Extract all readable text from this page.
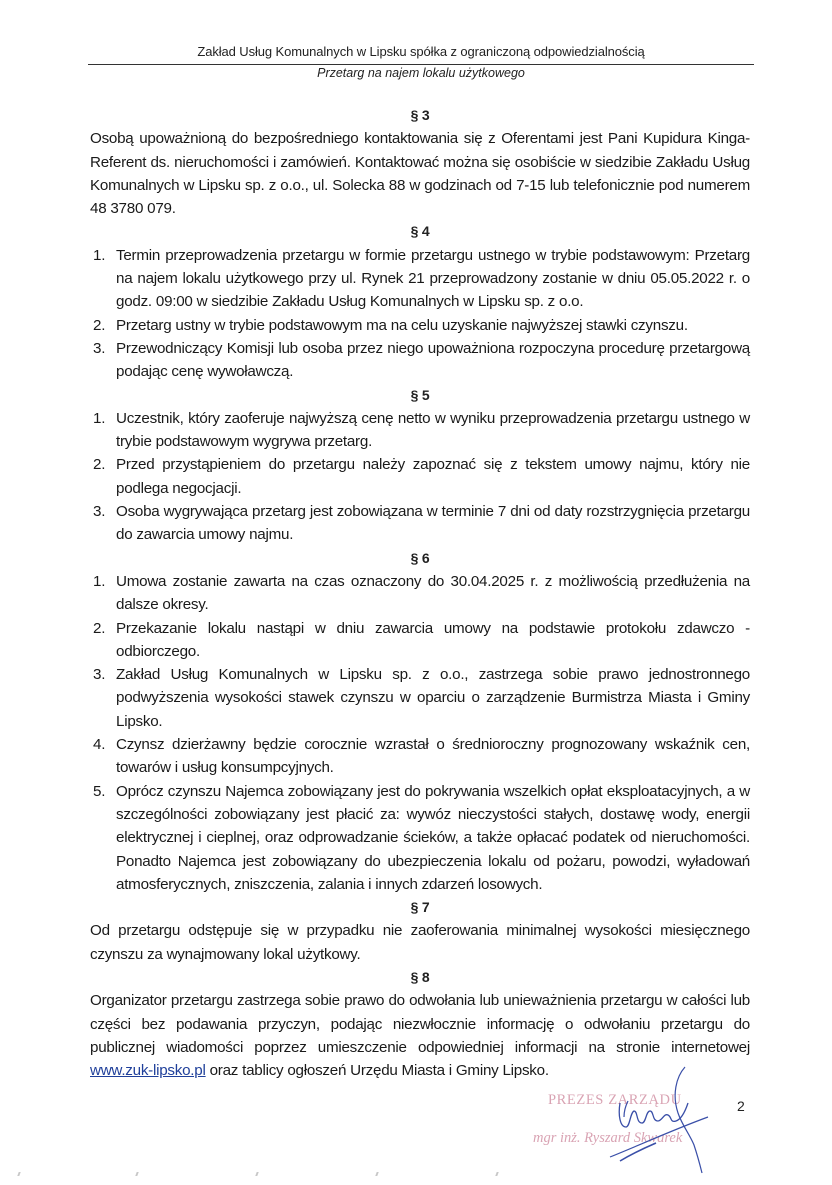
Zakład Usług Komunalnych w Lipsku spółka z ograniczoną odpowiedzialnością
Przetarg na najem lokalu użytkowego
§ 3

Osobą upoważnioną do bezpośredniego kontaktowania się z Oferentami jest Pani Kupidura Kinga- Referent ds. nieruchomości i zamówień. Kontaktować można się osobiście w siedzibie Zakładu Usług Komunalnych w Lipsku sp. z o.o., ul. Solecka 88 w godzinach od 7-15 lub telefonicznie pod numerem 48 3780 079.

§ 4
1. Termin przeprowadzenia przetargu w formie przetargu ustnego w trybie podstawowym: Przetarg na najem lokalu użytkowego przy ul. Rynek 21 przeprowadzony zostanie w dniu 05.05.2022 r. o godz. 09:00 w siedzibie Zakładu Usług Komunalnych w Lipsku sp. z o.o.
2. Przetarg ustny w trybie podstawowym ma na celu uzyskanie najwyższej stawki czynszu.
3. Przewodniczący Komisji lub osoba przez niego upoważniona rozpoczyna procedurę przetargową podając cenę wywoławczą.
§ 5
1. Uczestnik, który zaoferuje najwyższą cenę netto w wyniku przeprowadzenia przetargu ustnego w trybie podstawowym wygrywa przetarg.
2. Przed przystąpieniem do przetargu należy zapoznać się z tekstem umowy najmu, który nie podlega negocjacji.
3. Osoba wygrywająca przetarg jest zobowiązana w terminie 7 dni od daty rozstrzygnięcia przetargu do zawarcia umowy najmu.
§ 6
1. Umowa zostanie zawarta na czas oznaczony do 30.04.2025 r. z możliwością przedłużenia na dalsze okresy.
2. Przekazanie lokalu nastąpi w dniu zawarcia umowy na podstawie protokołu zdawczo - odbiorczego.
3. Zakład Usług Komunalnych w Lipsku sp. z o.o., zastrzega sobie prawo jednostronnego podwyższenia wysokości stawek czynszu w oparciu o zarządzenie Burmistrza Miasta i Gminy Lipsko.
4. Czynsz dzierżawny będzie corocznie wzrastał o średnioroczny prognozowany wskaźnik cen, towarów i usług konsumpcyjnych.
5. Oprócz czynszu Najemca zobowiązany jest do pokrywania wszelkich opłat eksploatacyjnych, a w szczególności zobowiązany jest płacić za: wywóz nieczystości stałych, dostawę wody, energii elektrycznej i cieplnej, oraz odprowadzanie ścieków, a także opłacać podatek od nieruchomości. Ponadto Najemca jest zobowiązany do ubezpieczenia lokalu od pożaru, powodzi, wyładowań atmosferycznych, zniszczenia, zalania i innych zdarzeń losowych.
§ 7

Od przetargu odstępuje się w przypadku nie zaoferowania minimalnej wysokości miesięcznego czynszu za wynajmowany lokal użytkowy.

§ 8

Organizator przetargu zastrzega sobie prawo do odwołania lub unieważnienia przetargu w całości lub części bez podawania przyczyn, podając niezwłocznie informację o odwołaniu przetargu do publicznej wiadomości poprzez umieszczenie odpowiedniej informacji na stronie internetowej www.zuk-lipsko.pl oraz tablicy ogłoszeń Urzędu Miasta i Gminy Lipsko.

PREZES ZARZĄDU
mgr inż. Ryszard Skwarek
2
